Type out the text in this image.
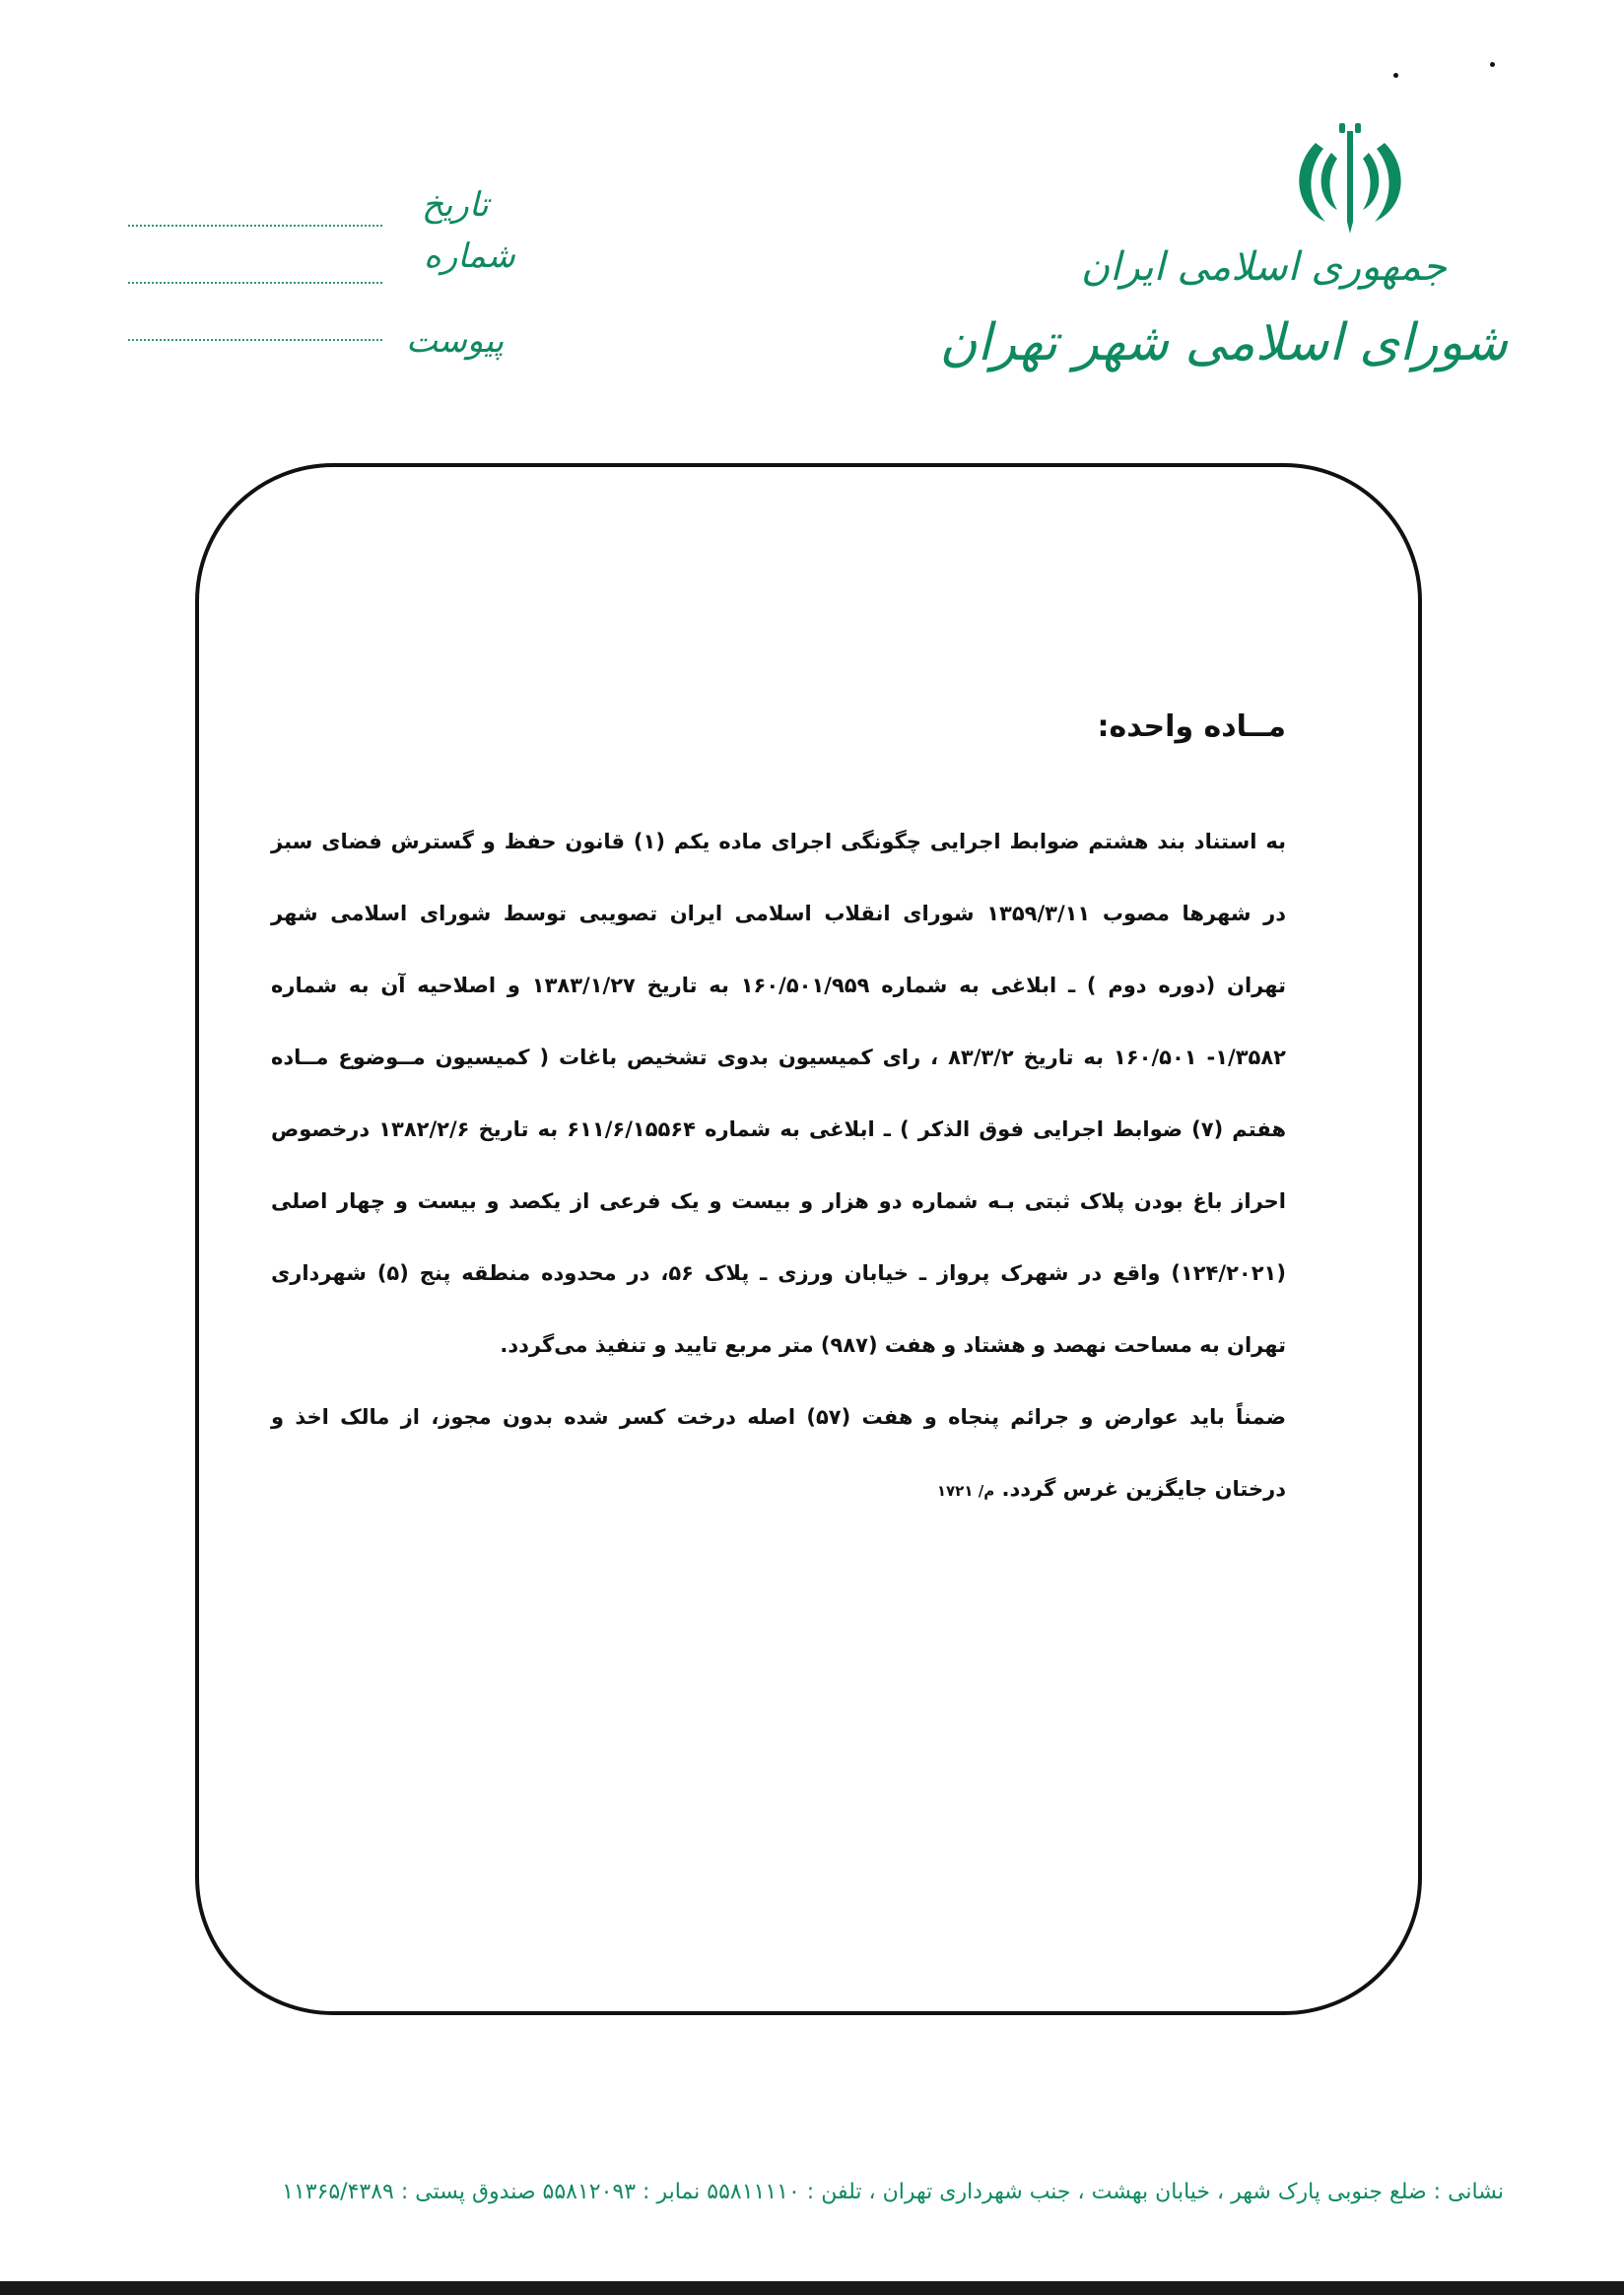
جمهوری اسلامی ایران
شورای اسلامی شهر تهران
تاریخ
شماره
پیوست
مــاده واحده:

به استناد بند هشتم ضوابط اجرایی چگونگی اجرای ماده یکم (۱) قانون حفظ و گسترش فضای سبز در شهرها مصوب ۱۳۵۹/۳/۱۱ شورای انقلاب اسلامی ایران تصویبی توسط شورای اسلامی شهر تهران (دوره دوم ) ـ ابلاغی به شماره ۱۶۰/۵۰۱/۹۵۹ به تاریخ ۱۳۸۳/۱/۲۷ و اصلاحیه آن به شماره ۱/۳۵۸۲- ۱۶۰/۵۰۱ به تاریخ ۸۳/۳/۲ ، رای کمیسیون بدوی تشخیص باغات ( کمیسیون مــوضوع مــاده هفتم (۷) ضوابط اجرایی فوق الذکر ) ـ ابلاغی به شماره ۶۱۱/۶/۱۵۵۶۴ به تاریخ ۱۳۸۲/۲/۶ درخصوص احراز باغ بودن پلاک ثبتی بـه شماره دو هزار و بیست و یک فرعی از یکصد و بیست و چهار اصلی (۱۲۴/۲۰۲۱) واقع در شهرک پرواز ـ خیابان ورزی ـ پلاک ۵۶، در محدوده منطقه پنج (۵) شهرداری تهران به مساحت نهصد و هشتاد و هفت (۹۸۷) متر مربع تایید و تنفیذ می‌گردد.

ضمناً باید عوارض و جرائم پنجاه و هفت (۵۷) اصله درخت کسر شده بدون مجوز، از مالک اخذ و درختان جایگزین غرس گردد. م/ ۱۷۲۱

نشانی : ضلع جنوبی پارک شهر ، خیابان بهشت ، جنب شهرداری تهران ، تلفن : ۵۵۸۱۱۱۱۰ نمابر : ۵۵۸۱۲۰۹۳ صندوق پستی : ۱۱۳۶۵/۴۳۸۹
